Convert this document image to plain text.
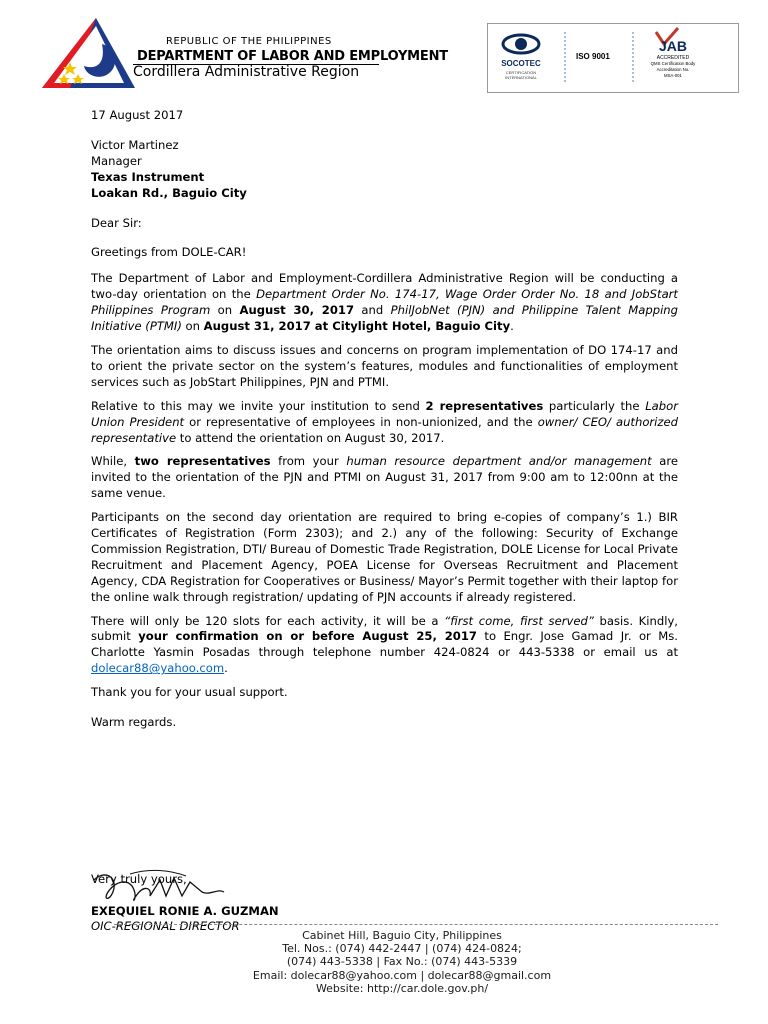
REPUBLIC OF THE PHILIPPINES
DEPARTMENT OF LABOR AND EMPLOYMENT
Cordillera Administrative Region
SOCOTEC
CERTIFICATION
INTERNATIONAL
ISO 9001
JAB
ACCREDITED
QMS Certification Body
Accreditation No.
MSA-001

17 August 2017

Victor Martinez
Manager
Texas Instrument
Loakan Rd., Baguio City

Dear Sir:

Greetings from DOLE-CAR!

The Department of Labor and Employment-Cordillera Administrative Region will be conducting a two-day orientation on the Department Order No. 174-17, Wage Order Order No. 18 and JobStart Philippines Program on August 30, 2017 and PhilJobNet (PJN) and Philippine Talent Mapping Initiative (PTMI) on August 31, 2017 at Citylight Hotel, Baguio City.

The orientation aims to discuss issues and concerns on program implementation of DO 174-17 and to orient the private sector on the system’s features, modules and functionalities of employment services such as JobStart Philippines, PJN and PTMI.

Relative to this may we invite your institution to send 2 representatives particularly the Labor Union President or representative of employees in non-unionized, and the owner/ CEO/ authorized representative to attend the orientation on August 30, 2017.

While, two representatives from your human resource department and/or management are invited to the orientation of the PJN and PTMI on August 31, 2017 from 9:00 am to 12:00nn at the same venue.

Participants on the second day orientation are required to bring e-copies of company’s 1.) BIR Certificates of Registration (Form 2303); and 2.) any of the following: Security of Exchange Commission Registration, DTI/ Bureau of Domestic Trade Registration, DOLE License for Local Private Recruitment and Placement Agency, POEA License for Overseas Recruitment and Placement Agency, CDA Registration for Cooperatives or Business/ Mayor’s Permit together with their laptop for the online walk through registration/ updating of PJN accounts if already registered.

There will only be 120 slots for each activity, it will be a “first come, first served” basis. Kindly, submit your confirmation on or before August 25, 2017 to Engr. Jose Gamad Jr. or Ms. Charlotte Yasmin Posadas through telephone number 424-0824 or 443-5338 or email us at dolecar88@yahoo.com.

Thank you for your usual support.

Warm regards.

Very truly yours,
EXEQUIEL RONIE A. GUZMAN
OIC-REGIONAL DIRECTOR
Cabinet Hill, Baguio City, Philippines
Tel. Nos.: (074) 442-2447 | (074) 424-0824;
(074) 443-5338 | Fax No.: (074) 443-5339
Email: dolecar88@yahoo.com | dolecar88@gmail.com
Website: http://car.dole.gov.ph/
